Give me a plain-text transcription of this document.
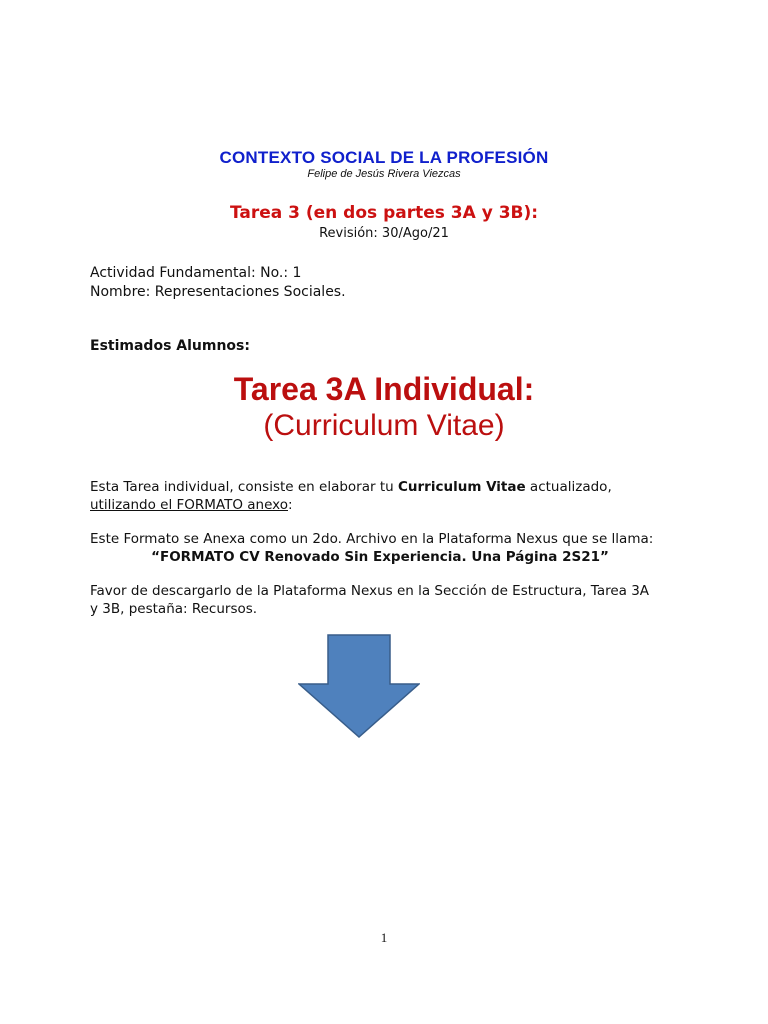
CONTEXTO SOCIAL DE LA PROFESIÓN
Felipe de Jesús Rivera Viezcas
Tarea 3 (en dos partes 3A y 3B):
Revisión: 30/Ago/21
Actividad Fundamental: No.: 1
Nombre: Representaciones Sociales.
Estimados Alumnos:
Tarea 3A Individual:
(Curriculum Vitae)
Esta Tarea individual, consiste en elaborar tu Curriculum Vitae actualizado,
utilizando el FORMATO anexo:
Este Formato se Anexa como un 2do. Archivo en la Plataforma Nexus que se llama:
“FORMATO CV Renovado Sin Experiencia. Una Página 2S21”
Favor de descargarlo de la Plataforma Nexus en la Sección de Estructura, Tarea 3A
y 3B, pestaña: Recursos.
1
